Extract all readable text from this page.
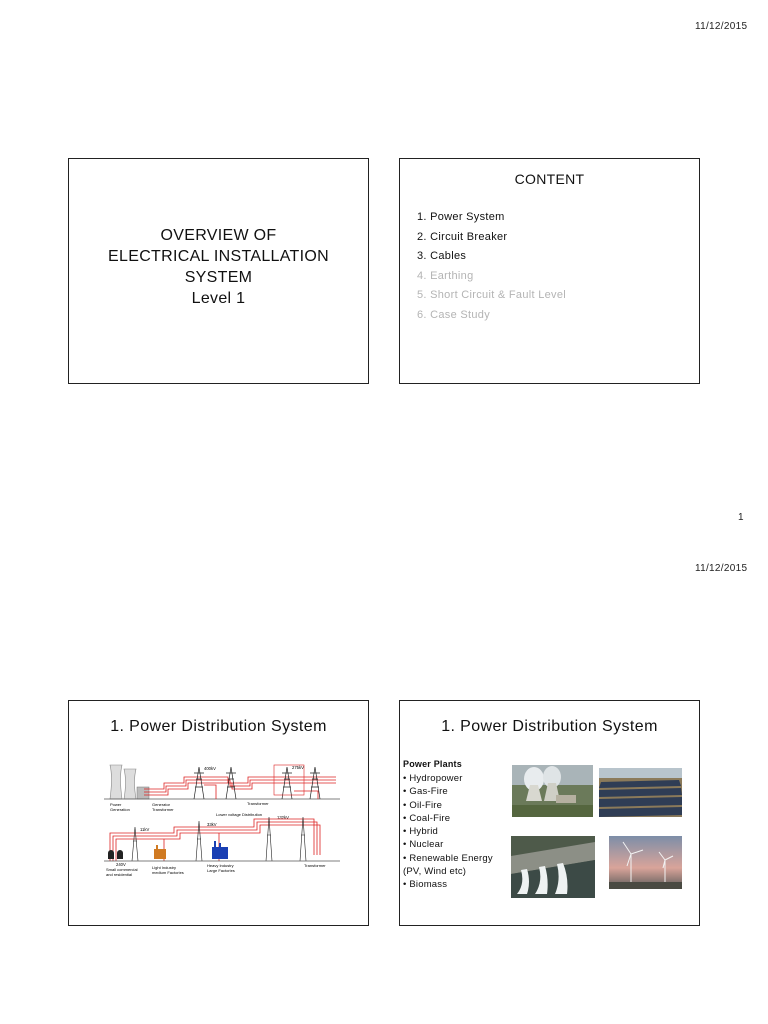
11/12/2015
OVERVIEW OF
ELECTRICAL INSTALLATION
SYSTEM
Level 1
CONTENT
1. Power System
2. Circuit Breaker
3. Cables
4. Earthing
5. Short Circuit & Fault Level
6. Case Study
1
11/12/2015
1. Power Distribution System
400kV	275kV
Power
Generation
Generator
Transformer
Transformer
Lower voltage Distribution
132kV
11kV
33kV
Transformer
240V
Small commercial
and residential
Light Industry
medium Factories
Heavy Industry
Large Factories
1. Power Distribution System
Power Plants
• Hydropower
• Gas-Fire
• Oil-Fire
• Coal-Fire
• Hybrid
• Nuclear
• Renewable Energy
(PV, Wind etc)
• Biomass
